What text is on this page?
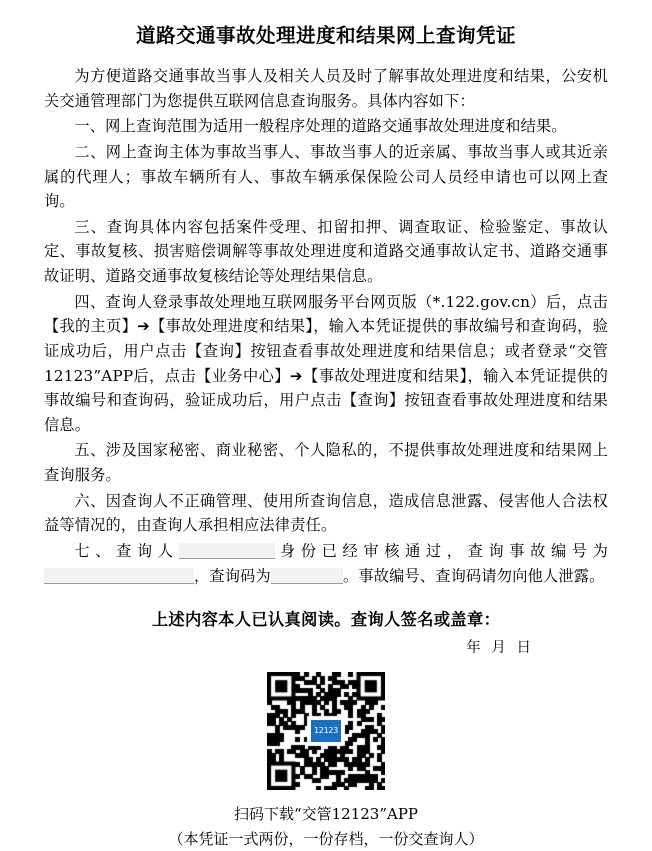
道路交通事故处理进度和结果网上查询凭证

为方便道路交通事故当事人及相关人员及时了解事故处理进度和结果，公安机关交通管理部门为您提供互联网信息查询服务。具体内容如下：

一、网上查询范围为适用一般程序处理的道路交通事故处理进度和结果。

二、网上查询主体为事故当事人、事故当事人的近亲属、事故当事人或其近亲属的代理人；事故车辆所有人、事故车辆承保保险公司人员经申请也可以网上查询。

三、查询具体内容包括案件受理、扣留扣押、调查取证、检验鉴定、事故认定、事故复核、损害赔偿调解等事故处理进度和道路交通事故认定书、道路交通事故证明、道路交通事故复核结论等处理结果信息。

四、查询人登录事故处理地互联网服务平台网页版（*.122.gov.cn）后，点击【我的主页】➔【事故处理进度和结果】，输入本凭证提供的事故编号和查询码，验证成功后，用户点击【查询】按钮查看事故处理进度和结果信息；或者登录“交管12123”APP后，点击【业务中心】➔【事故处理进度和结果】，输入本凭证提供的事故编号和查询码，验证成功后，用户点击【查询】按钮查看事故处理进度和结果信息。

五、涉及国家秘密、商业秘密、个人隐私的，不提供事故处理进度和结果网上查询服务。

六、因查询人不正确管理、使用所查询信息，造成信息泄露、侵害他人合法权益等情况的，由查询人承担相应法律责任。

七、查询人	身份已经审核通过，查询事故编号为，查询码为	。事故编号、查询码请勿向他人泄露。

上述内容本人已认真阅读。查询人签名或盖章：
年 月 日
12123
扫码下载“交管12123”APP
（本凭证一式两份，一份存档，一份交查询人）
